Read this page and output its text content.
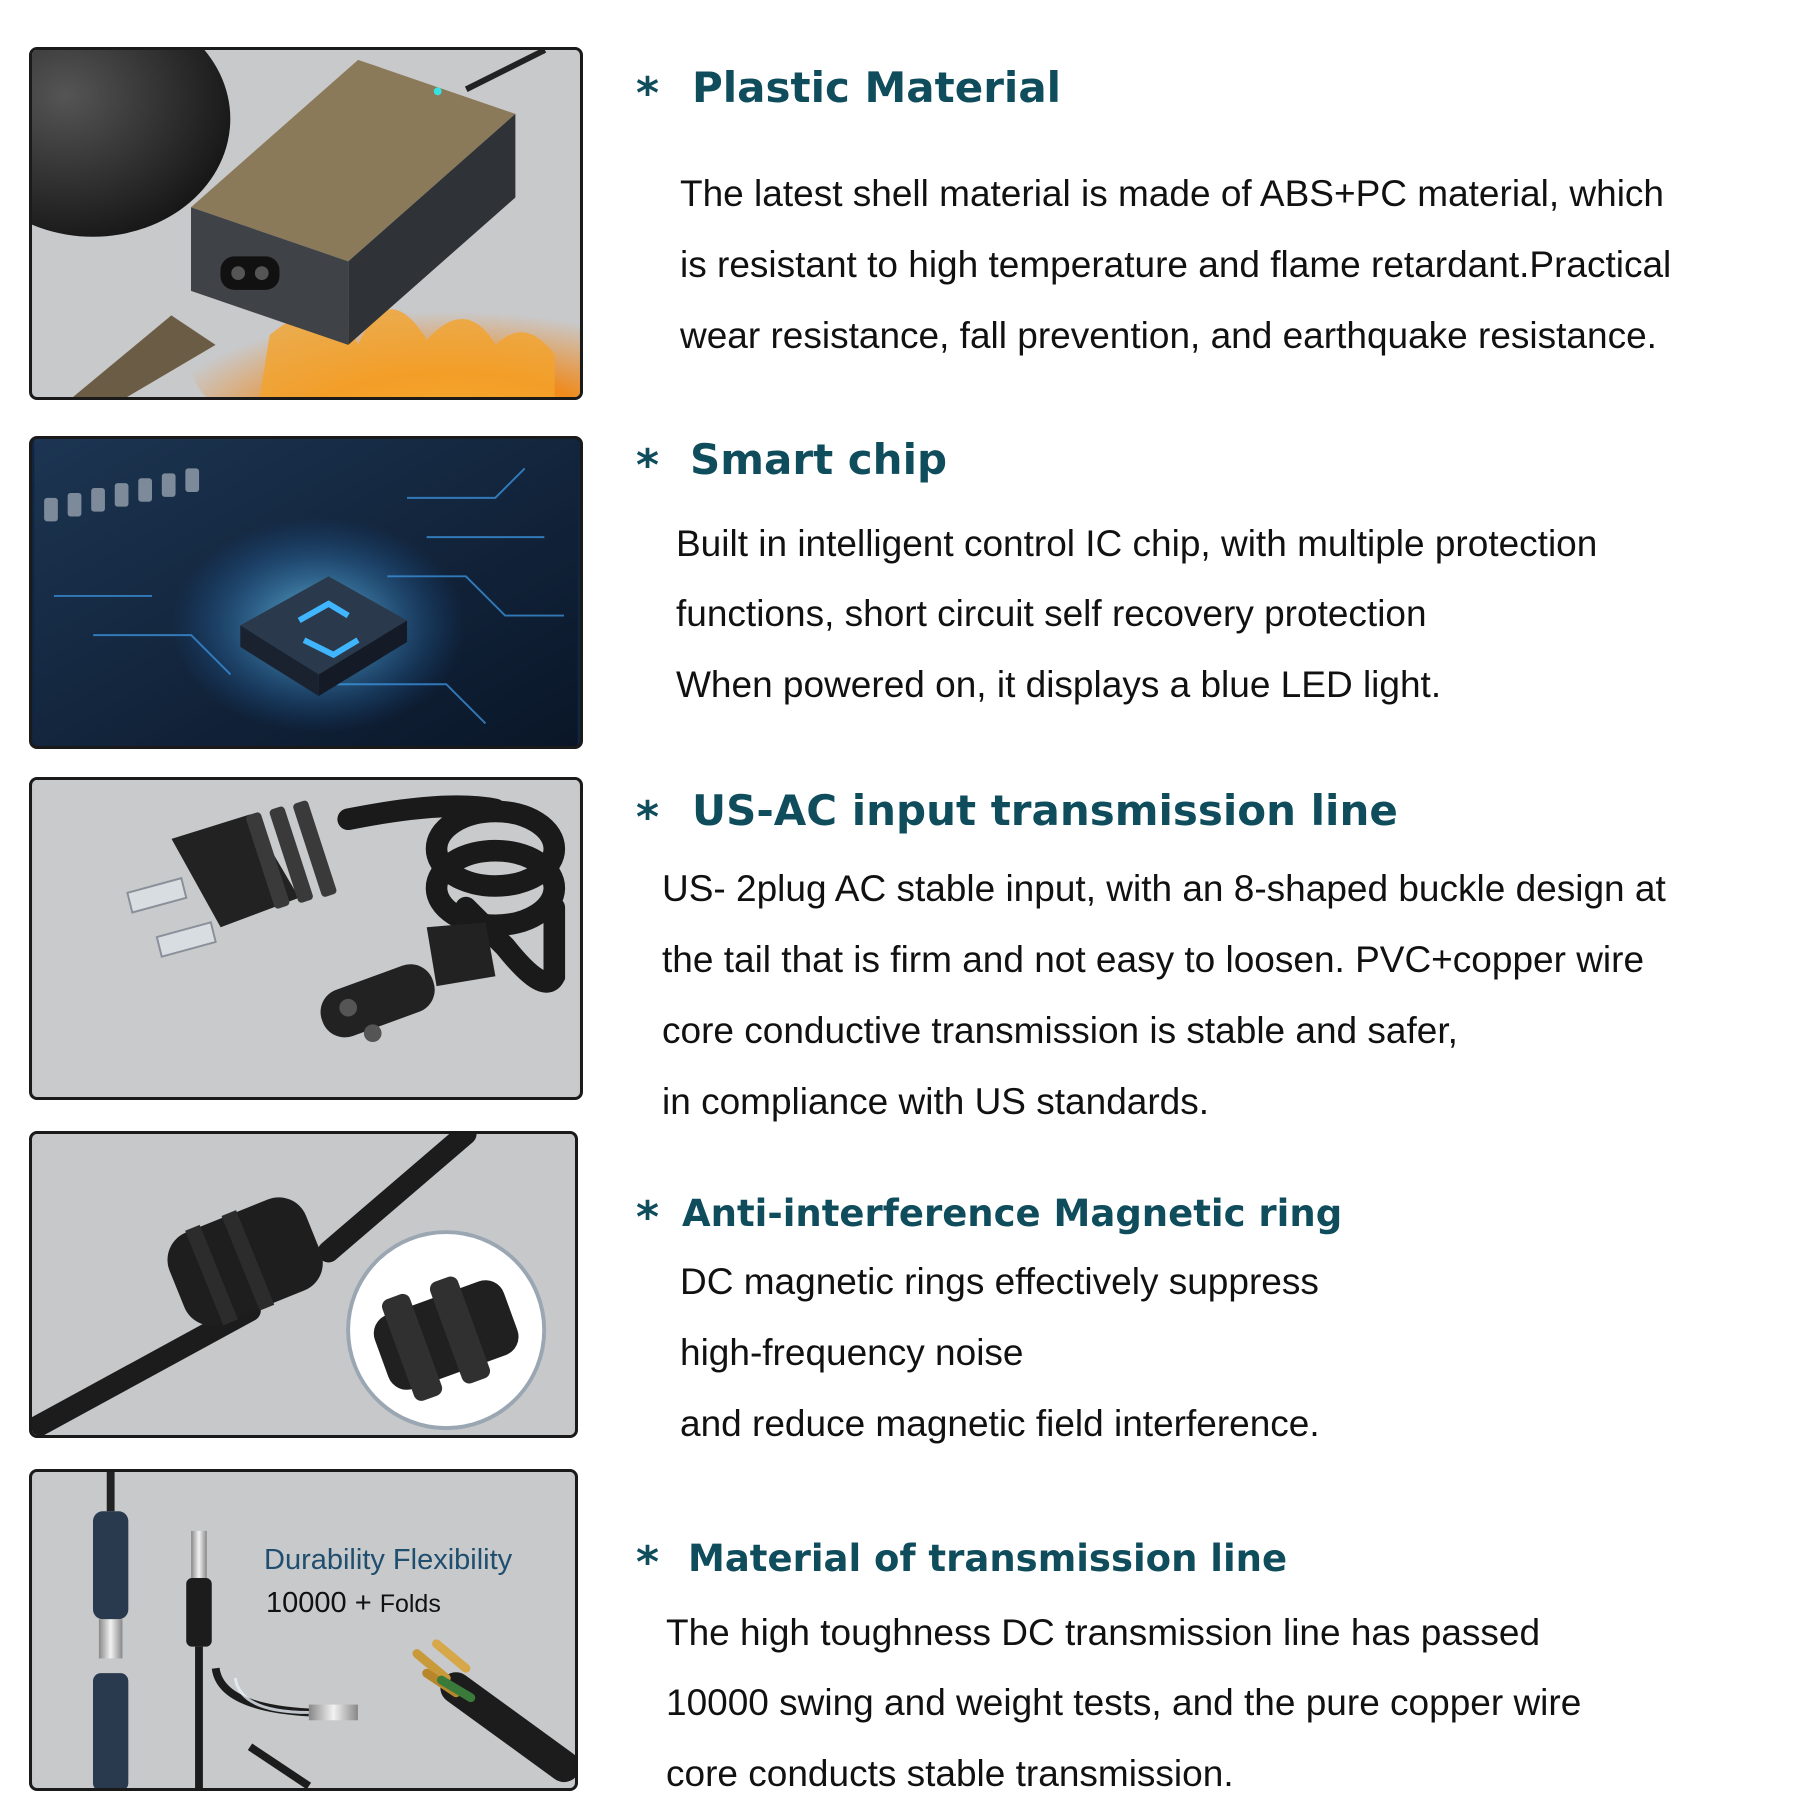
* Plastic Material
The latest shell material is made of ABS+PC material, which
is resistant to high temperature and flame retardant.Practical
wear resistance, fall prevention, and earthquake resistance.
* Smart chip
Built in intelligent control IC chip, with multiple protection
functions, short circuit self recovery protection
When powered on, it displays a blue LED light.
* US-AC input transmission line
US- 2plug AC stable input, with an 8-shaped buckle design at
the tail that is firm and not easy to loosen. PVC+copper wire
core conductive transmission is stable and safer,
in compliance with US standards.
* Anti-interference Magnetic ring
DC magnetic rings effectively suppress
high-frequency noise
and reduce magnetic field interference.
Durability Flexibility
10000 + Folds
* Material of transmission line
The high toughness DC transmission line has passed
10000 swing and weight tests, and the pure copper wire
core conducts stable transmission.
